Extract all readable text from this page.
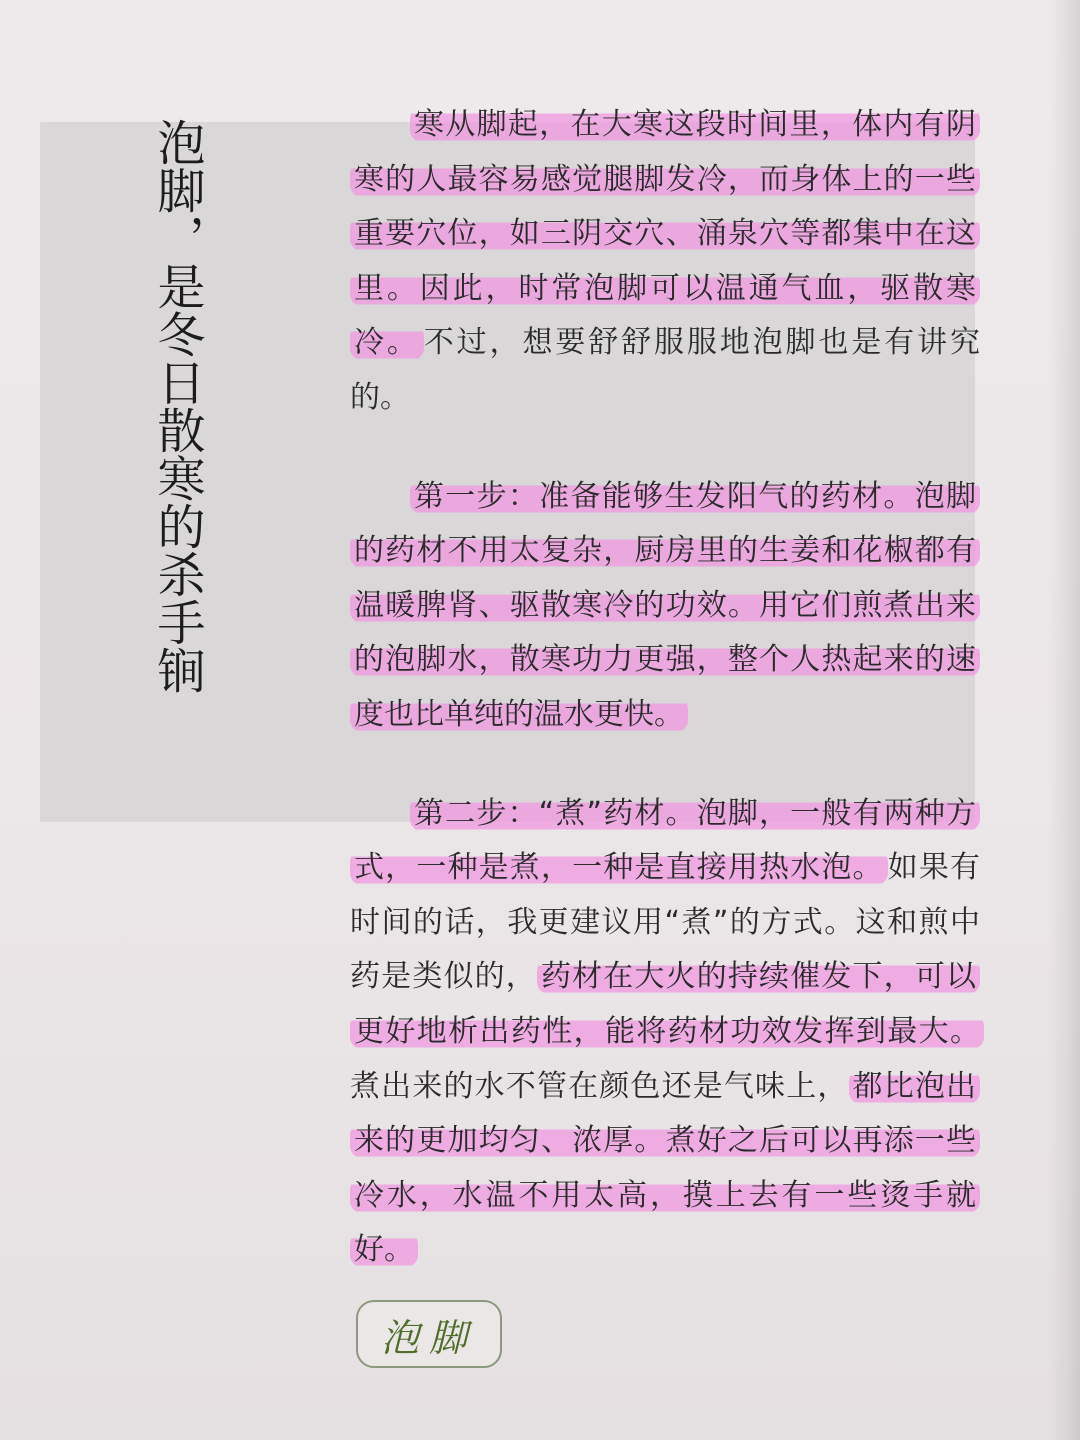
泡脚，是冬日散寒的杀手锏	寒从脚起，在大寒这段时间里，体内有阴寒的人最容易感觉腿脚发冷，而身体上的一些重要穴位，如三阴交穴、涌泉穴等都集中在这里。因此，时常泡脚可以温通气血，驱散寒冷。 不过，想要舒舒服服地泡脚也是有讲究的。

第一步：准备能够生发阳气的药材。泡脚的药材不用太复杂，厨房里的生姜和花椒都有温暖脾肾、驱散寒冷的功效。用它们煎煮出来的泡脚水，散寒功力更强，整个人热起来的速度也比单纯的温水更快。

第二步：“煮”药材。泡脚，一般有两种方式，一种是煮，一种是直接用热水泡。 如果有时间的话，我更建议用“煮”的方式。这和煎中药是类似的， 药材在大火的持续催发下，可以更好地析出药性，能将药材功效发挥到最大。煮出来的水不管在颜色还是气味上， 都比泡出来的更加均匀、浓厚。煮好之后可以再添一些冷水，水温不用太高，摸上去有一些烫手就好。

泡脚
